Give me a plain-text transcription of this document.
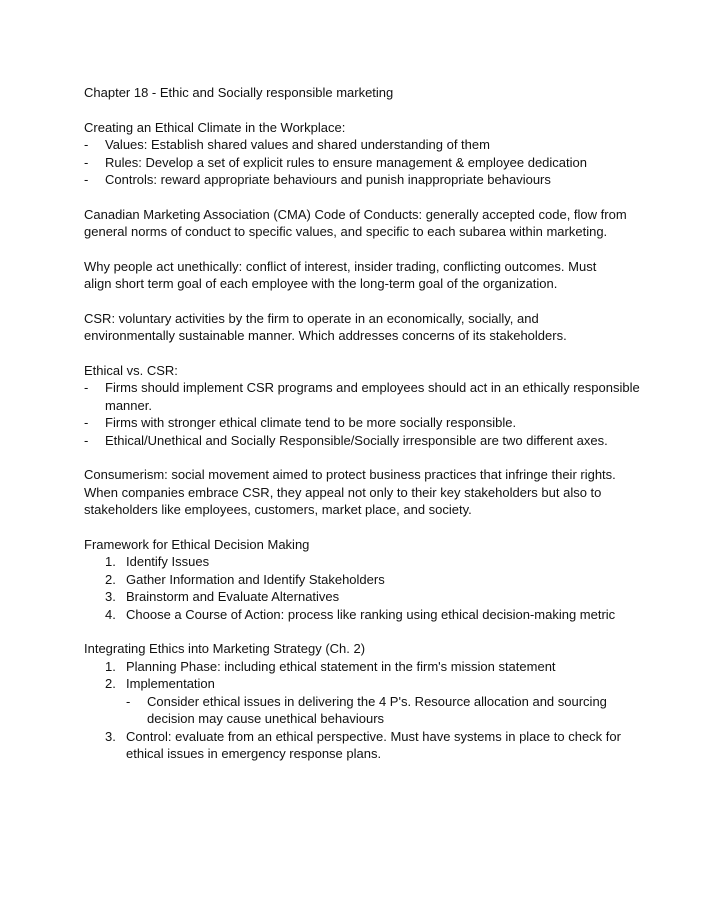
Chapter 18 - Ethic and Socially responsible marketing
Creating an Ethical Climate in the Workplace:
-	Values: Establish shared values and shared understanding of them
-	Rules: Develop a set of explicit rules to ensure management & employee dedication
-	Controls: reward appropriate behaviours and punish inappropriate behaviours
Canadian Marketing Association (CMA) Code of Conducts: generally accepted code, flow from
general norms of conduct to specific values, and specific to each subarea within marketing.
Why people act unethically: conflict of interest, insider trading, conflicting outcomes. Must
align short term goal of each employee with the long-term goal of the organization.
CSR: voluntary activities by the firm to operate in an economically, socially, and
environmentally sustainable manner. Which addresses concerns of its stakeholders.
Ethical vs. CSR:
-	Firms should implement CSR programs and employees should act in an ethically responsible
manner.
-	Firms with stronger ethical climate tend to be more socially responsible.
-	Ethical/Unethical and Socially Responsible/Socially irresponsible are two different axes.
Consumerism: social movement aimed to protect business practices that infringe their rights.
When companies embrace CSR, they appeal not only to their key stakeholders but also to
stakeholders like employees, customers, market place, and society.
Framework for Ethical Decision Making
1. Identify Issues
2. Gather Information and Identify Stakeholders
3. Brainstorm and Evaluate Alternatives
4. Choose a Course of Action: process like ranking using ethical decision-making metric
Integrating Ethics into Marketing Strategy (Ch. 2)
1. Planning Phase: including ethical statement in the firm's mission statement
2. Implementation
-	Consider ethical issues in delivering the 4 P's. Resource allocation and sourcing
decision may cause unethical behaviours
3. Control: evaluate from an ethical perspective. Must have systems in place to check for
ethical issues in emergency response plans.
